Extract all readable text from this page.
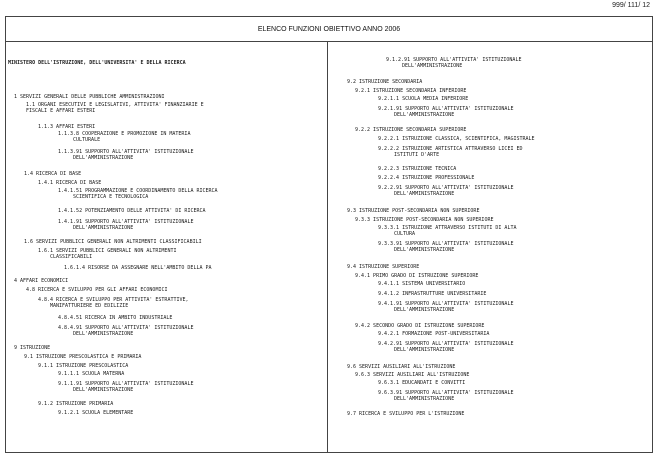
999/ 111/ 12
ELENCO FUNZIONI OBIETTIVO ANNO 2006
MINISTERO DELL'ISTRUZIONE, DELL'UNIVERSITA' E DELLA RICERCA
1 SERVIZI GENERALI DELLE PUBBLICHE AMMINISTRAZIONI
1.1 ORGANI ESECUTIVI E LEGISLATIVI, ATTIVITA' FINANZIARIE E
FISCALI E AFFARI ESTERI
1.1.3 AFFARI ESTERI
1.1.3.8 COOPERAZIONE E PROMOZIONE IN MATERIA
CULTURALE
1.1.3.91 SUPPORTO ALL'ATTIVITA' ISTITUZIONALE
DELL'AMMINISTRAZIONE
1.4 RICERCA DI BASE
1.4.1 RICERCA DI BASE
1.4.1.51 PROGRAMMAZIONE E COORDINAMENTO DELLA RICERCA
SCIENTIFICA E TECNOLOGICA
1.4.1.52 POTENZIAMENTO DELLE ATTIVITA' DI RICERCA
1.4.1.91 SUPPORTO ALL'ATTIVITA' ISTITUZIONALE
DELL'AMMINISTRAZIONE
1.6 SERVIZI PUBBLICI GENERALI NON ALTRIMENTI CLASSIFICABILI
1.6.1 SERVIZI PUBBLICI GENERALI NON ALTRIMENTI
CLASSIFICABILI
1.6.1.4 RISORSE DA ASSEGNARE NELL'AMBITO DELLA PA
4 AFFARI ECONOMICI
4.8 RICERCA E SVILUPPO PER GLI AFFARI ECONOMICI
4.8.4 RICERCA E SVILUPPO PER ATTIVITA' ESTRATTIVE,
MANIFATTURIERE ED EDILIZIE
4.8.4.51 RICERCA IN AMBITO INDUSTRIALE
4.8.4.91 SUPPORTO ALL'ATTIVITA' ISTITUZIONALE
DELL'AMMINISTRAZIONE
9 ISTRUZIONE
9.1 ISTRUZIONE PRESCOLASTICA E PRIMARIA
9.1.1 ISTRUZIONE PRESCOLASTICA
9.1.1.1 SCUOLA MATERNA
9.1.1.91 SUPPORTO ALL'ATTIVITA' ISTITUZIONALE
DELL'AMMINISTRAZIONE
9.1.2 ISTRUZIONE PRIMARIA
9.1.2.1 SCUOLA ELEMENTARE
9.1.2.91 SUPPORTO ALL'ATTIVITA' ISTITUZIONALE
DELL'AMMINISTRAZIONE
9.2 ISTRUZIONE SECONDARIA
9.2.1 ISTRUZIONE SECONDARIA INFERIORE
9.2.1.1 SCUOLA MEDIA INFERIORE
9.2.1.91 SUPPORTO ALL'ATTIVITA' ISTITUZIONALE
DELL'AMMINISTRAZIONE
9.2.2 ISTRUZIONE SECONDARIA SUPERIORE
9.2.2.1 ISTRUZIONE CLASSICA, SCIENTIFICA, MAGISTRALE
9.2.2.2 ISTRUZIONE ARTISTICA ATTRAVERSO LICEI ED
ISTITUTI D'ARTE
9.2.2.3 ISTRUZIONE TECNICA
9.2.2.4 ISTRUZIONE PROFESSIONALE
9.2.2.91 SUPPORTO ALL'ATTIVITA' ISTITUZIONALE
DELL'AMMINISTRAZIONE
9.3 ISTRUZIONE POST-SECONDARIA NON SUPERIORE
9.3.3 ISTRUZIONE POST-SECONDARIA NON SUPERIORE
9.3.3.1 ISTRUZIONE ATTRAVERSO ISTITUTI DI ALTA
CULTURA
9.3.3.91 SUPPORTO ALL'ATTIVITA' ISTITUZIONALE
DELL'AMMINISTRAZIONE
9.4 ISTRUZIONE SUPERIORE
9.4.1 PRIMO GRADO DI ISTRUZIONE SUPERIORE
9.4.1.1 SISTEMA UNIVERSITARIO
9.4.1.2 INFRASTRUTTURE UNIVERSITARIE
9.4.1.91 SUPPORTO ALL'ATTIVITA' ISTITUZIONALE
DELL'AMMINISTRAZIONE
9.4.2 SECONDO GRADO DI ISTRUZIONE SUPERIORE
9.4.2.1 FORMAZIONE POST-UNIVERSITARIA
9.4.2.91 SUPPORTO ALL'ATTIVITA' ISTITUZIONALE
DELL'AMMINISTRAZIONE
9.6 SERVIZI AUSILIARI ALL'ISTRUZIONE
9.6.3 SERVIZI AUSILIARI ALL'ISTRUZIONE
9.6.3.1 EDUCANDATI E CONVITTI
9.6.3.91 SUPPORTO ALL'ATTIVITA' ISTITUZIONALE
DELL'AMMINISTRAZIONE
9.7 RICERCA E SVILUPPO PER L'ISTRUZIONE
